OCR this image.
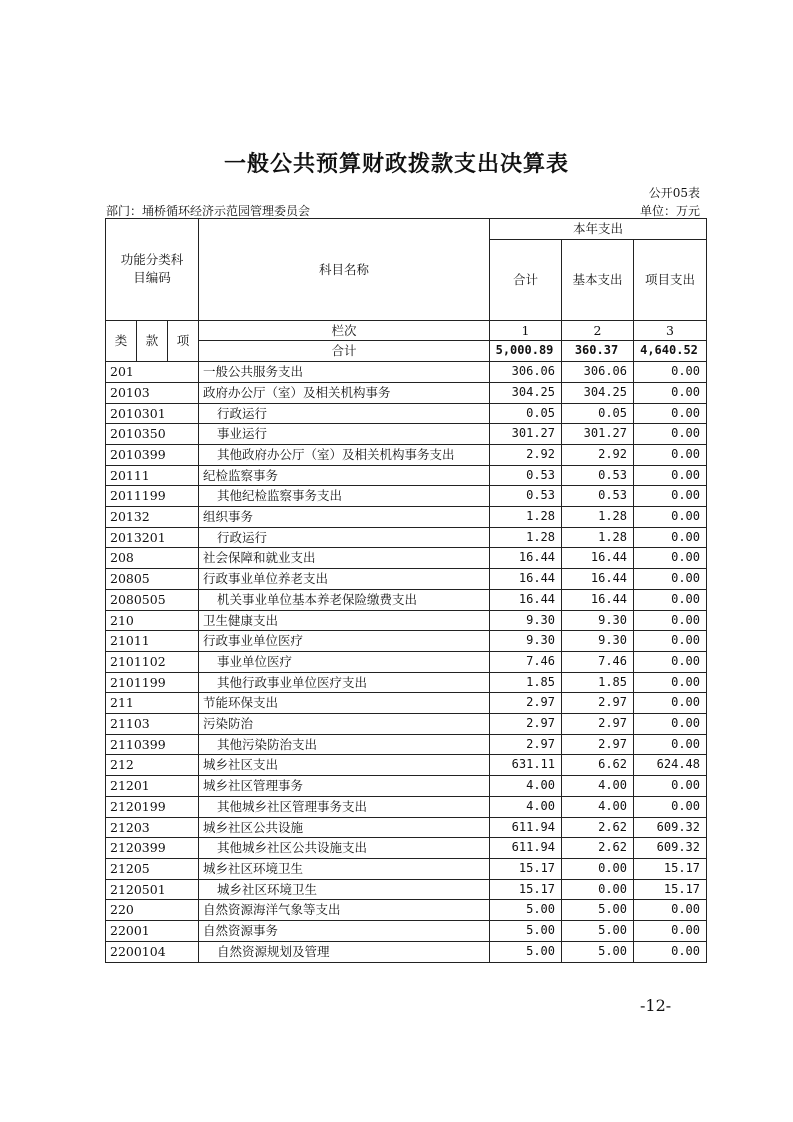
一般公共预算财政拨款支出决算表
公开05表
部门：埇桥循环经济示范园管理委员会	单位：万元
功能分类科目编码			科目名称	本年支出		
				合计	基本支出	项目支出

类	款	项	栏次	1	2	3
			合计	5,000.89	360.37	4,640.52
201			一般公共服务支出	306.06	306.06	0.00
20103			政府办公厅（室）及相关机构事务	304.25	304.25	0.00
2010301			行政运行	0.05	0.05	0.00
2010350			事业运行	301.27	301.27	0.00
2010399			其他政府办公厅（室）及相关机构事务支出	2.92	2.92	0.00
20111			纪检监察事务	0.53	0.53	0.00
2011199			其他纪检监察事务支出	0.53	0.53	0.00
20132			组织事务	1.28	1.28	0.00
2013201			行政运行	1.28	1.28	0.00
208			社会保障和就业支出	16.44	16.44	0.00
20805			行政事业单位养老支出	16.44	16.44	0.00
2080505			机关事业单位基本养老保险缴费支出	16.44	16.44	0.00
210			卫生健康支出	9.30	9.30	0.00
21011			行政事业单位医疗	9.30	9.30	0.00
2101102			事业单位医疗	7.46	7.46	0.00
2101199			其他行政事业单位医疗支出	1.85	1.85	0.00
211			节能环保支出	2.97	2.97	0.00
21103			污染防治	2.97	2.97	0.00
2110399			其他污染防治支出	2.97	2.97	0.00
212			城乡社区支出	631.11	6.62	624.48
21201			城乡社区管理事务	4.00	4.00	0.00
2120199			其他城乡社区管理事务支出	4.00	4.00	0.00
21203			城乡社区公共设施	611.94	2.62	609.32
2120399			其他城乡社区公共设施支出	611.94	2.62	609.32
21205			城乡社区环境卫生	15.17	0.00	15.17
2120501			城乡社区环境卫生	15.17	0.00	15.17
220			自然资源海洋气象等支出	5.00	5.00	0.00
22001			自然资源事务	5.00	5.00	0.00
2200104			自然资源规划及管理	5.00	5.00	0.00
-12-
